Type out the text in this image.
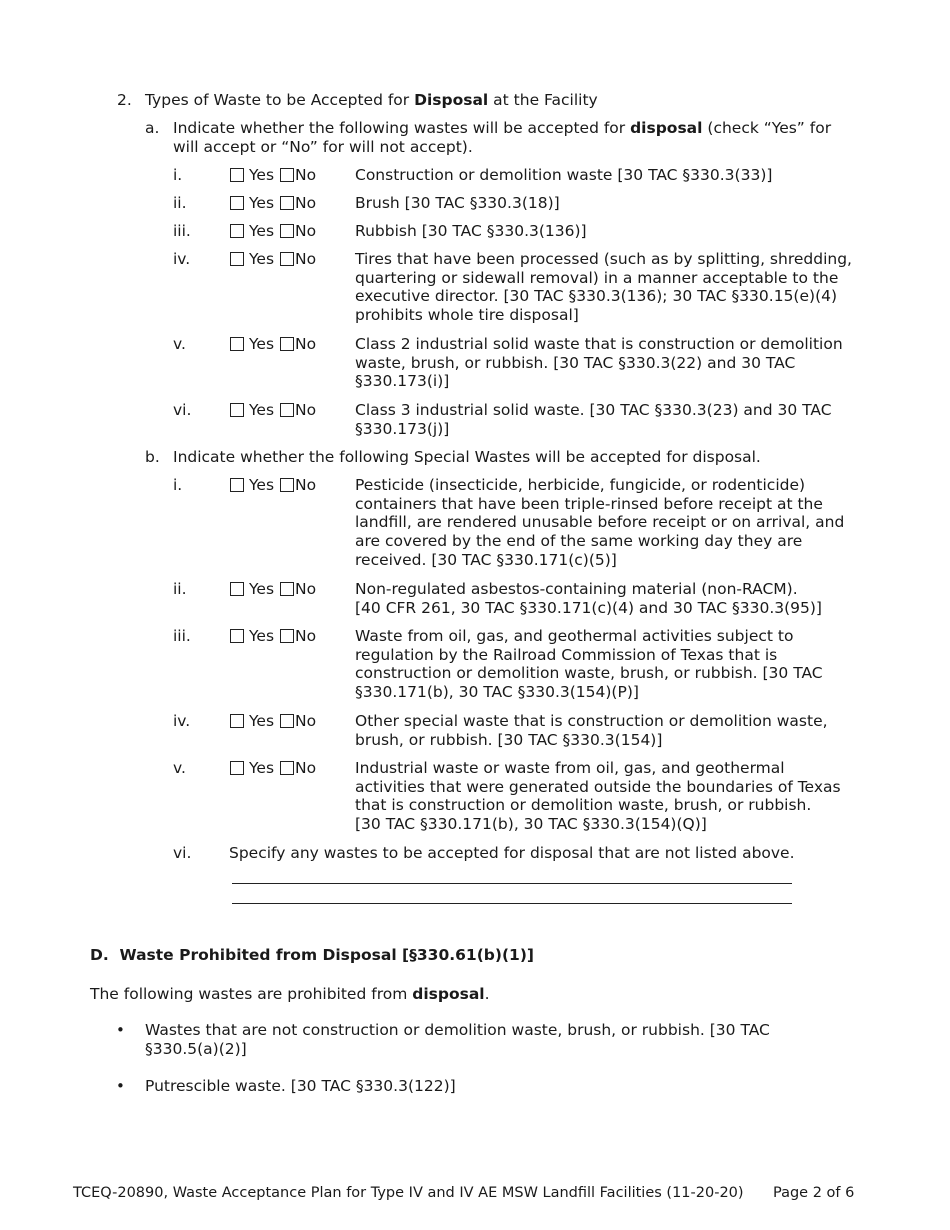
2. Types of Waste to be Accepted for Disposal at the Facility
a. Indicate whether the following wastes will be accepted for disposal (check “Yes” for
will accept or “No” for will not accept).
i.	Yes No	Construction or demolition waste [30 TAC §330.3(33)]
ii.	Yes No	Brush [30 TAC §330.3(18)]
iii.	Yes No	Rubbish [30 TAC §330.3(136)]
iv.	Yes No	Tires that have been processed (such as by splitting, shredding,
quartering or sidewall removal) in a manner acceptable to the
executive director. [30 TAC §330.3(136); 30 TAC §330.15(e)(4)
prohibits whole tire disposal]
v.	Yes No	Class 2 industrial solid waste that is construction or demolition
waste, brush, or rubbish. [30 TAC §330.3(22) and 30 TAC
§330.173(i)]
vi.	Yes No	Class 3 industrial solid waste. [30 TAC §330.3(23) and 30 TAC
§330.173(j)]
b. Indicate whether the following Special Wastes will be accepted for disposal.
i.	Yes No	Pesticide (insecticide, herbicide, fungicide, or rodenticide)
containers that have been triple-rinsed before receipt at the
landfill, are rendered unusable before receipt or on arrival, and
are covered by the end of the same working day they are
received. [30 TAC §330.171(c)(5)]
ii.	Yes No	Non-regulated asbestos-containing material (non-RACM).
[40 CFR 261, 30 TAC §330.171(c)(4) and 30 TAC §330.3(95)]
iii.	Yes No	Waste from oil, gas, and geothermal activities subject to
regulation by the Railroad Commission of Texas that is
construction or demolition waste, brush, or rubbish. [30 TAC
§330.171(b), 30 TAC §330.3(154)(P)]
iv.	Yes No	Other special waste that is construction or demolition waste,
brush, or rubbish. [30 TAC §330.3(154)]
v.	Yes No	Industrial waste or waste from oil, gas, and geothermal
activities that were generated outside the boundaries of Texas
that is construction or demolition waste, brush, or rubbish.
[30 TAC §330.171(b), 30 TAC §330.3(154)(Q)]
vi. Specify any wastes to be accepted for disposal that are not listed above.
D.  Waste Prohibited from Disposal [§330.61(b)(1)]
The following wastes are prohibited from disposal.
• Wastes that are not construction or demolition waste, brush, or rubbish. [30 TAC
§330.5(a)(2)]
• Putrescible waste. [30 TAC §330.3(122)]
TCEQ-20890, Waste Acceptance Plan for Type IV and IV AE MSW Landfill Facilities (11-20-20) Page 2 of 6
